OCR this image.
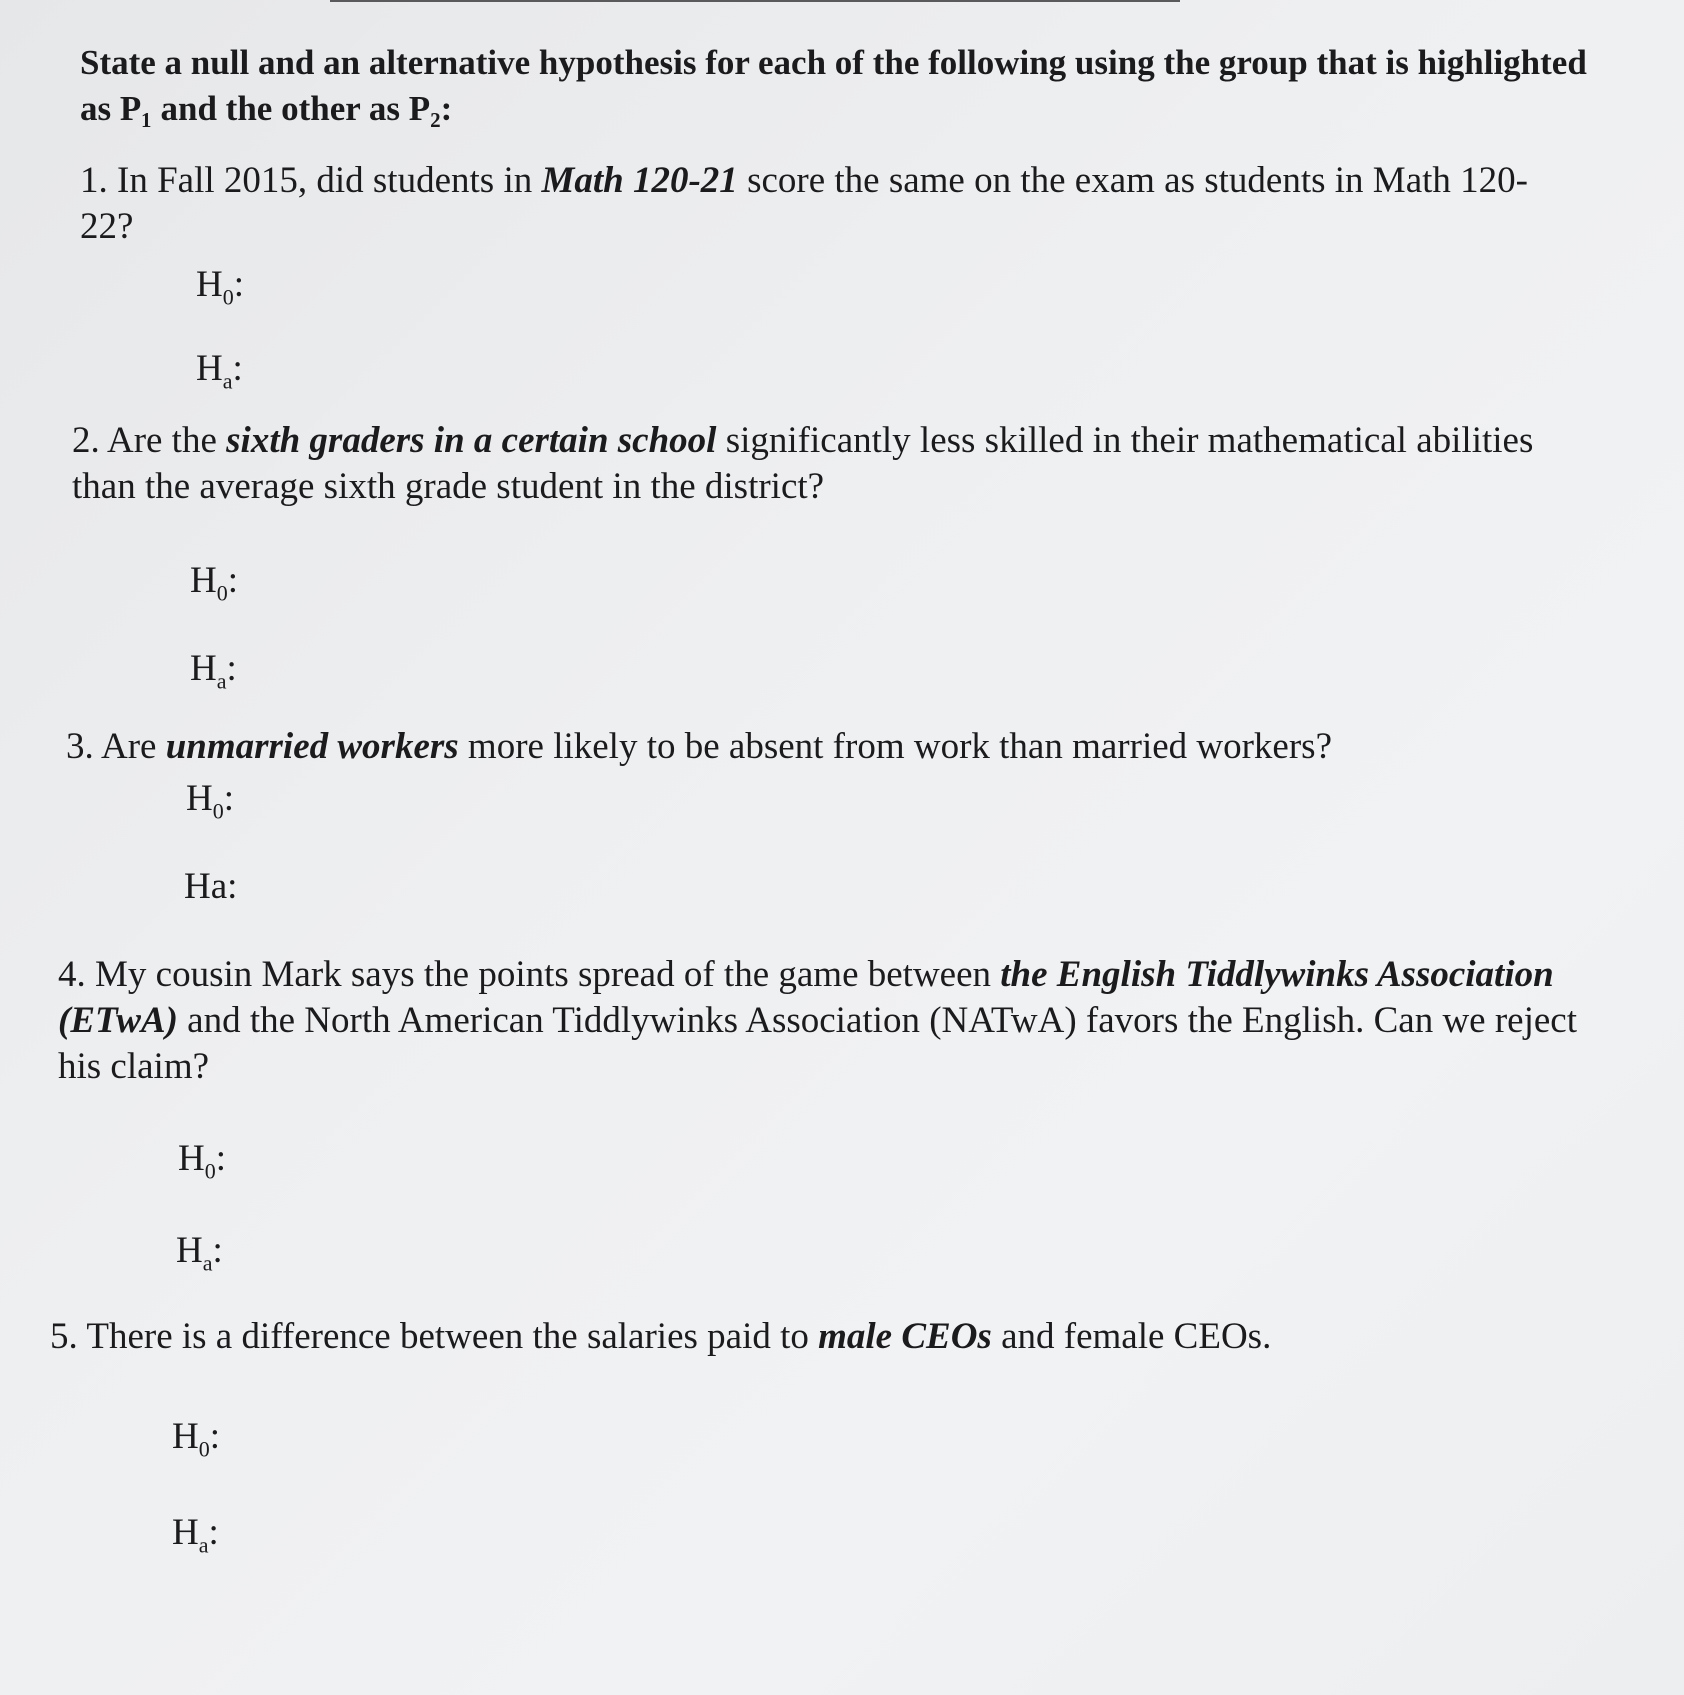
State a null and an alternative hypothesis for each of the following using the group that is highlighted as P₁ and the other as P₂:
1. In Fall 2015, did students in Math 120-21 score the same on the exam as students in Math 120-22?
$H_0$:
$H_a$:
2. Are the sixth graders in a certain school significantly less skilled in their mathematical abilities than the average sixth grade student in the district?
$H_0$:
$H_a$:
3. Are unmarried workers more likely to be absent from work than married workers?
$H_0$:
Ha:
4. My cousin Mark says the points spread of the game between the English Tiddlywinks Association (ETwA) and the North American Tiddlywinks Association (NATwA) favors the English. Can we reject his claim?
$H_0$:
$H_a$:
5. There is a difference between the salaries paid to male CEOs and female CEOs.
$H_0$:
$H_a$:
